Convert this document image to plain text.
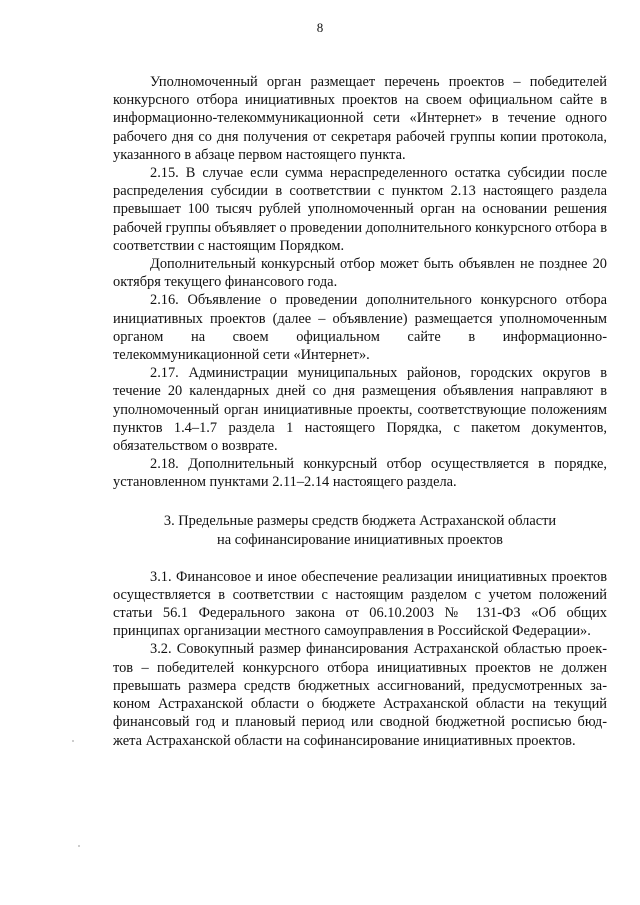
8

Уполномоченный орган размещает перечень проектов – победителей конкурсного отбора инициативных проектов на своем официальном сайте в информационно-телекоммуникационной сети «Интернет» в течение одного рабочего дня со дня получения от секретаря рабочей группы копии протокола, указанного в абзаце первом настоящего пункта.

2.15. В случае если сумма нераспределенного остатка субсидии после распределения субсидии в соответствии с пунктом 2.13 настоящего раздела превышает 100 тысяч рублей уполномоченный орган на основании решения рабочей группы объявляет о проведении дополнительного конкурсного отбора в соответствии с настоящим Порядком.

Дополнительный конкурсный отбор может быть объявлен не позднее 20 октября текущего финансового года.

2.16. Объявление о проведении дополнительного конкурсного отбора инициативных проектов (далее – объявление) размещается уполномоченным органом на своем официальном сайте в информационно-телекоммуникационной сети «Интернет».

2.17. Администрации муниципальных районов, городских округов в течение 20 календарных дней со дня размещения объявления направляют в уполномоченный орган инициативные проекты, соответствующие положениям пунктов 1.4–1.7 раздела 1 настоящего Порядка, с пакетом документов, обязательством о возврате.

2.18. Дополнительный конкурсный отбор осуществляется в порядке, установленном пунктами 2.11–2.14 настоящего раздела.

3. Предельные размеры средств бюджета Астраханской области
на софинансирование инициативных проектов

3.1. Финансовое и иное обеспечение реализации инициативных проектов осуществляется в соответствии с настоящим разделом с учетом положений статьи 56.1 Федерального закона от 06.10.2003 № 131-ФЗ «Об общих принципах организации местного самоуправления в Российской Федерации».

3.2. Совокупный размер финансирования Астраханской областью проектов – победителей конкурсного отбора инициативных проектов не должен превышать размера средств бюджетных ассигнований, предусмотренных законом Астраханской области о бюджете Астраханской области на текущий финансовый год и плановый период или сводной бюджетной росписью бюджета Астраханской области на софинансирование инициативных проектов.
